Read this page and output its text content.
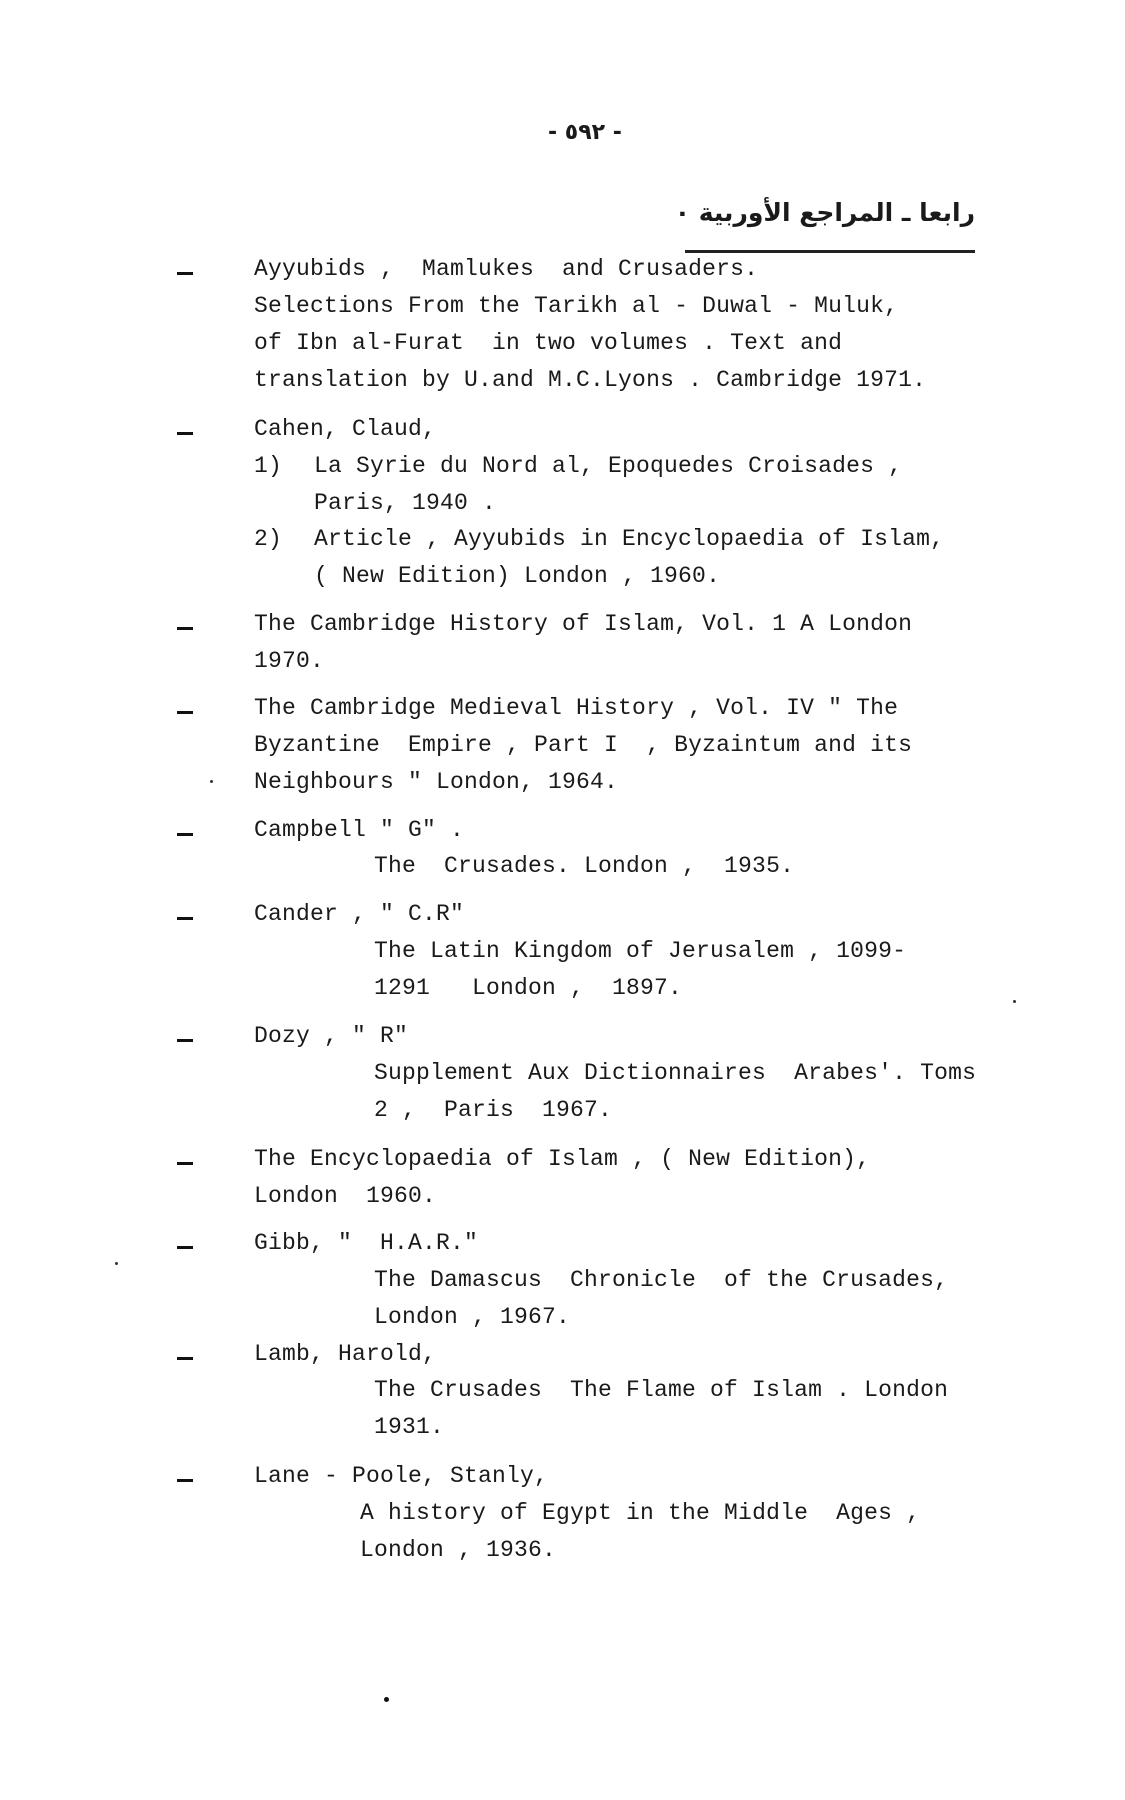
- ٥٩٢ -
رابعا ـ المراجع الأوربية ٠
Ayyubids ,  Mamlukes  and Crusaders.
Selections From the Tarikh al - Duwal - Muluk,
of Ibn al-Furat  in two volumes . Text and
translation by U.and M.C.Lyons . Cambridge 1971.
Cahen, Claud,
1) La Syrie du Nord al, Epoquedes Croisades ,
Paris, 1940 .
2) Article , Ayyubids in Encyclopaedia of Islam,
( New Edition) London , 1960.
The Cambridge History of Islam, Vol. 1 A London
1970.
The Cambridge Medieval History , Vol. IV " The
Byzantine  Empire , Part I  , Byzaintum and its
Neighbours " London, 1964.
Campbell " G" .
The  Crusades. London ,  1935.
Cander , " C.R"
The Latin Kingdom of Jerusalem , 1099-
1291   London ,  1897.
Dozy , " R"
Supplement Aux Dictionnaires  Arabes'. Toms
2 ,  Paris  1967.
The Encyclopaedia of Islam , ( New Edition),
London  1960.
Gibb, "  H.A.R."
The Damascus  Chronicle  of the Crusades,
London , 1967.
Lamb, Harold,
The Crusades  The Flame of Islam . London
1931.
Lane - Poole, Stanly,
A history of Egypt in the Middle  Ages ,
London , 1936.
